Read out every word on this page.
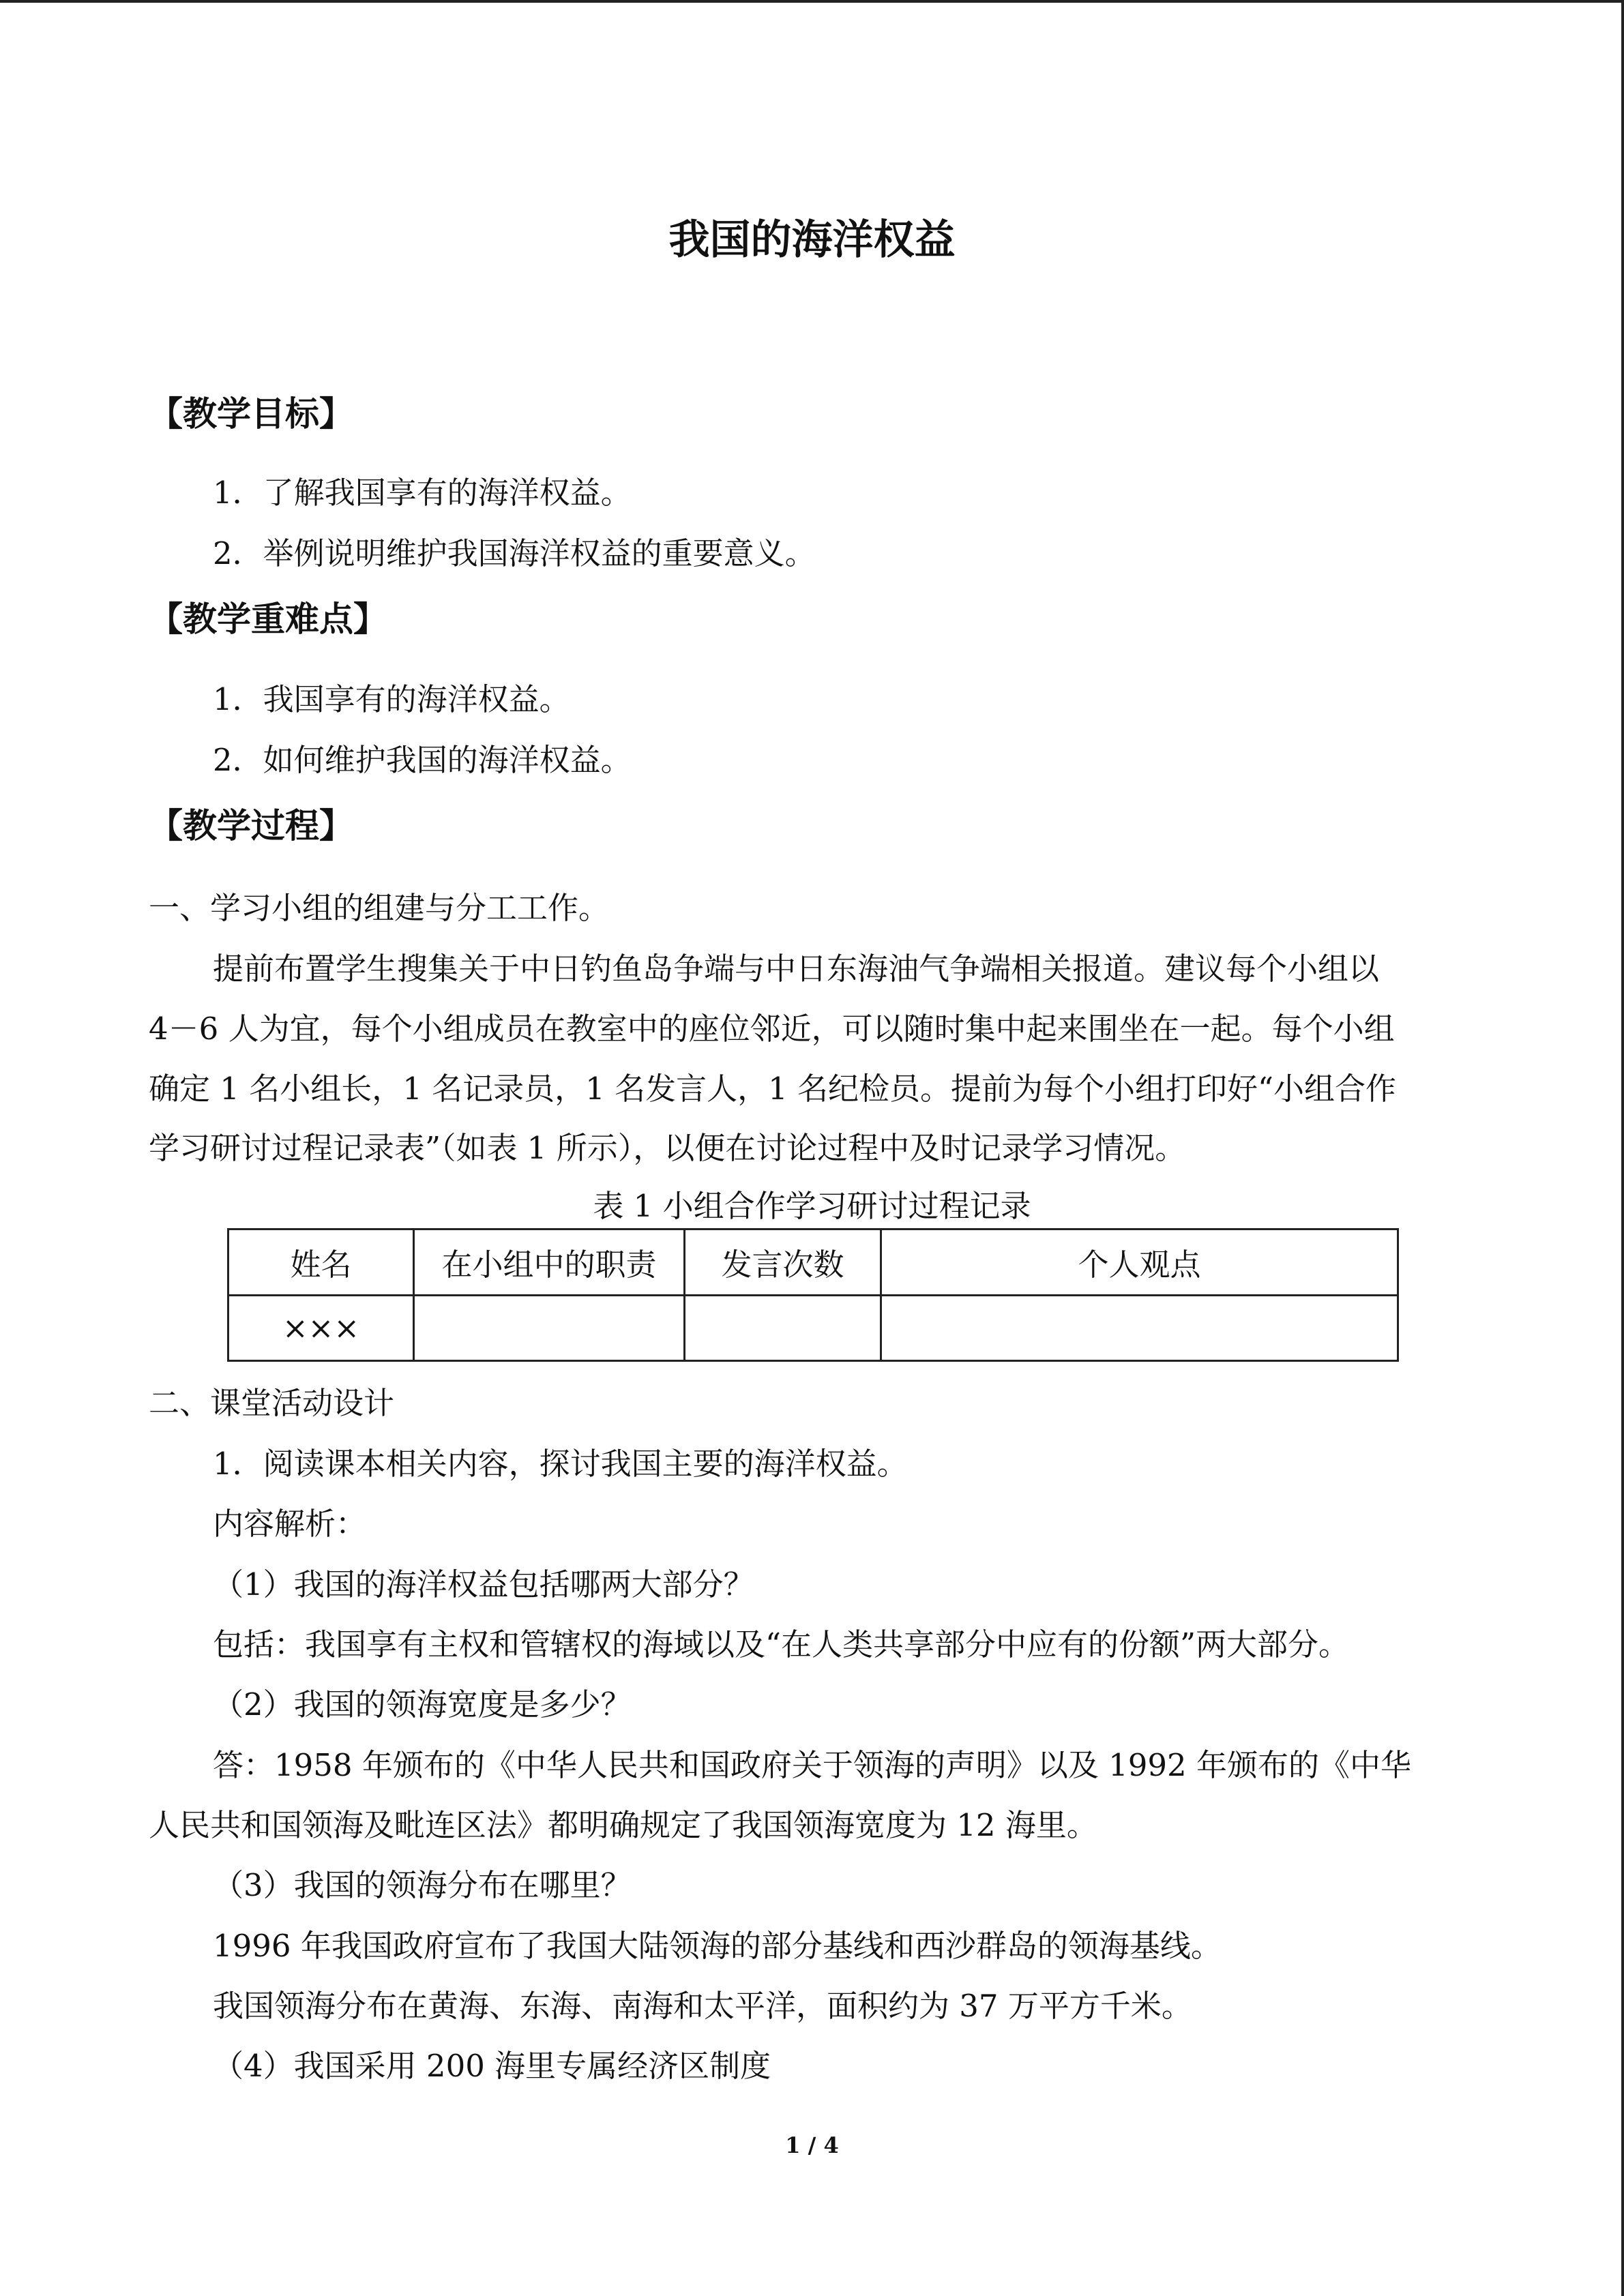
我国的海洋权益
【教学目标】
1．了解我国享有的海洋权益。
2．举例说明维护我国海洋权益的重要意义。
【教学重难点】
1．我国享有的海洋权益。
2．如何维护我国的海洋权益。
【教学过程】
一、学习小组的组建与分工工作。
提前布置学生搜集关于中日钓鱼岛争端与中日东海油气争端相关报道。建议每个小组以
4－6 人为宜，每个小组成员在教室中的座位邻近，可以随时集中起来围坐在一起。每个小组
确定 1 名小组长，1 名记录员，1 名发言人，1 名纪检员。提前为每个小组打印好“小组合作
学习研讨过程记录表”（如表 1 所示），以便在讨论过程中及时记录学习情况。
表 1 小组合作学习研讨过程记录
姓名	在小组中的职责	发言次数	个人观点
×××			
二、课堂活动设计
1．阅读课本相关内容，探讨我国主要的海洋权益。
内容解析：
（1）我国的海洋权益包括哪两大部分？
包括：我国享有主权和管辖权的海域以及“在人类共享部分中应有的份额”两大部分。
（2）我国的领海宽度是多少？
答：1958 年颁布的《中华人民共和国政府关于领海的声明》以及 1992 年颁布的《中华
人民共和国领海及毗连区法》都明确规定了我国领海宽度为 12 海里。
（3）我国的领海分布在哪里？
1996 年我国政府宣布了我国大陆领海的部分基线和西沙群岛的领海基线。
我国领海分布在黄海、东海、南海和太平洋，面积约为 37 万平方千米。
（4）我国采用 200 海里专属经济区制度
1 / 4
